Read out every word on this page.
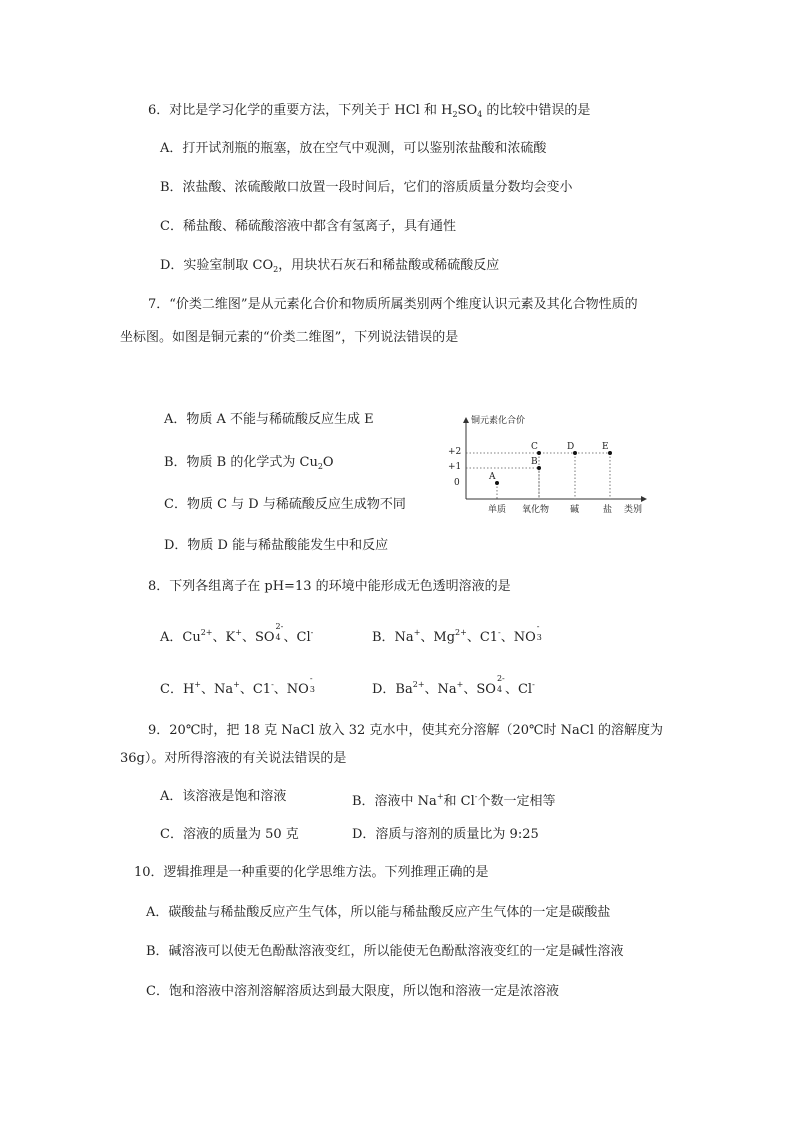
6．对比是学习化学的重要方法，下列关于 HCl 和 $H_2SO_4$ 的比较中错误的是
A．打开试剂瓶的瓶塞，放在空气中观测，可以鉴别浓盐酸和浓硫酸
B．浓盐酸、浓硫酸敞口放置一段时间后，它们的溶质质量分数均会变小
C．稀盐酸、稀硫酸溶液中都含有氢离子，具有通性
D．实验室制取 $CO_2$，用块状石灰石和稀盐酸或稀硫酸反应
7．“价类二维图”是从元素化合价和物质所属类别两个维度认识元素及其化合物性质的
坐标图。如图是铜元素的“价类二维图”，下列说法错误的是
A．物质 A 不能与稀硫酸反应生成 E
B．物质 B 的化学式为 $Cu_2O$
C．物质 C 与 D 与稀硫酸反应生成物不同
D．物质 D 能与稀盐酸能发生中和反应
铜元素化合价
类别
+2
+1
0
单质 氧化物 碱	盐
A
B
C	D	E
8．下列各组离子在 pH=13 的环境中能形成无色透明溶液的是
A．$Cu^{2+}$、K+、SO
2-
4 、Cl-	B．Na+、$Mg^{2+}$、C1-、NO
-
3
C．H+、Na+、C1-、NO
-
3	D．$Ba^{2+}$、Na+、SO
2-
4 、Cl-
9．20℃时，把 18 克 NaCl 放入 32 克水中，使其充分溶解（20℃时 NaCl 的溶解度为
36g）。对所得溶液的有关说法错误的是
A．该溶液是饱和溶液	B．溶液中 Na+和 Cl-个数一定相等
C．溶液的质量为 50 克	D．溶质与溶剂的质量比为 9:25
10．逻辑推理是一种重要的化学思维方法。下列推理正确的是
A．碳酸盐与稀盐酸反应产生气体，所以能与稀盐酸反应产生气体的一定是碳酸盐
B．碱溶液可以使无色酚酞溶液变红，所以能使无色酚酞溶液变红的一定是碱性溶液
C．饱和溶液中溶剂溶解溶质达到最大限度，所以饱和溶液一定是浓溶液
